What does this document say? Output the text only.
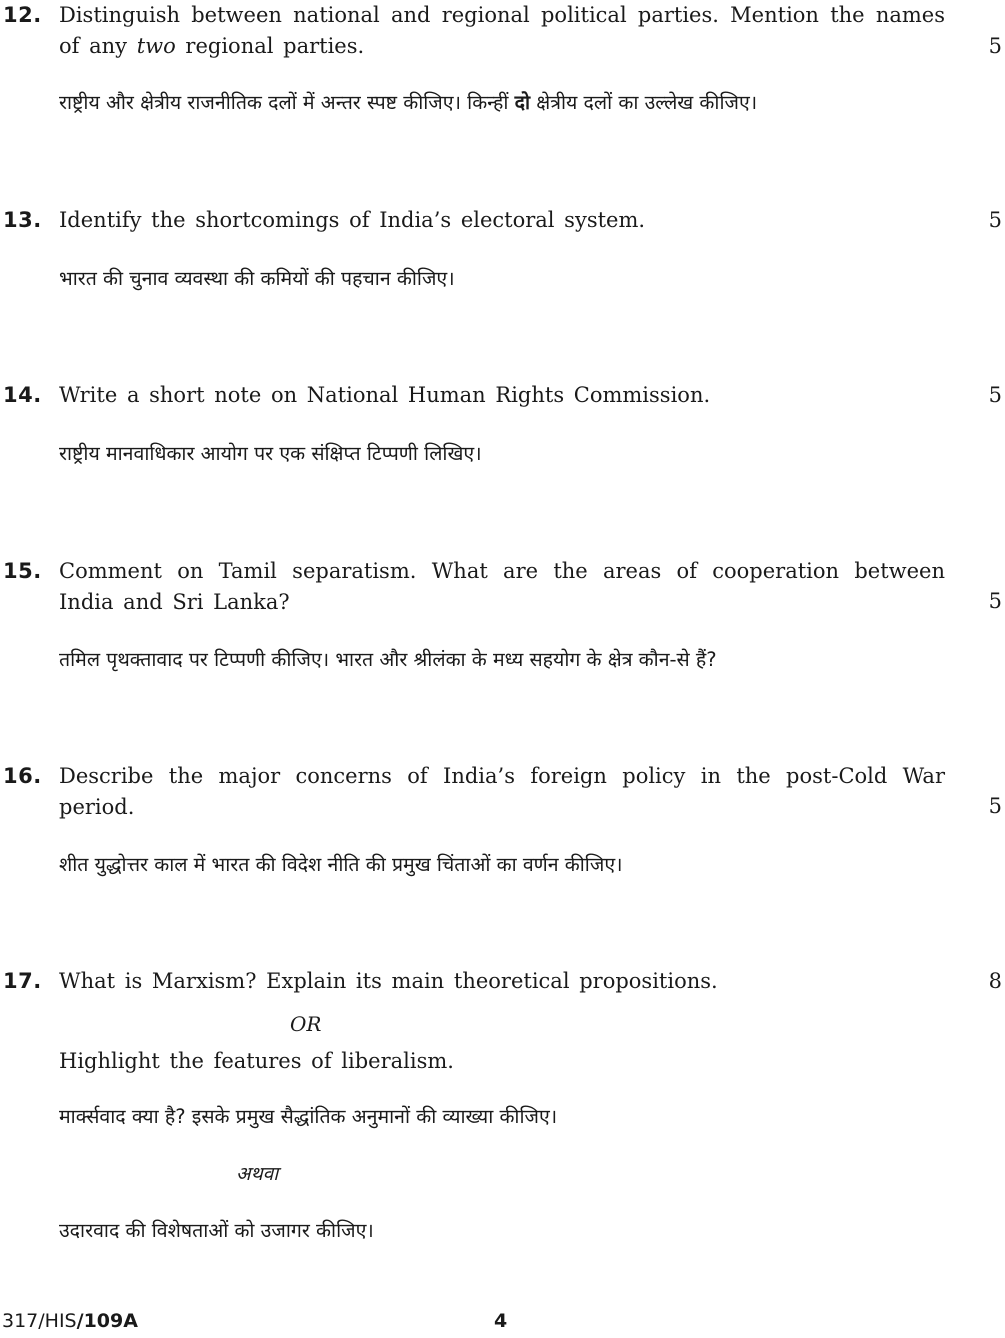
12. Distinguish between national and regional political parties. Mention the names of any two regional parties.	5
राष्ट्रीय और क्षेत्रीय राजनीतिक दलों में अन्तर स्पष्ट कीजिए। किन्हीं दो क्षेत्रीय दलों का उल्लेख कीजिए।
13. Identify the shortcomings of India’s electoral system.	5
भारत की चुनाव व्यवस्था की कमियों की पहचान कीजिए।
14. Write a short note on National Human Rights Commission.	5
राष्ट्रीय मानवाधिकार आयोग पर एक संक्षिप्त टिप्पणी लिखिए।
15. Comment on Tamil separatism. What are the areas of cooperation between India and Sri Lanka?	5
तमिल पृथक्तावाद पर टिप्पणी कीजिए। भारत और श्रीलंका के मध्य सहयोग के क्षेत्र कौन-से हैं?
16. Describe the major concerns of India’s foreign policy in the post-Cold War period.	5
शीत युद्धोत्तर काल में भारत की विदेश नीति की प्रमुख चिंताओं का वर्णन कीजिए।
17. What is Marxism? Explain its main theoretical propositions.	8
OR
Highlight the features of liberalism.
मार्क्सवाद क्या है? इसके प्रमुख सैद्धांतिक अनुमानों की व्याख्या कीजिए।
अथवा
उदारवाद की विशेषताओं को उजागर कीजिए।
317/HIS/109A	4
